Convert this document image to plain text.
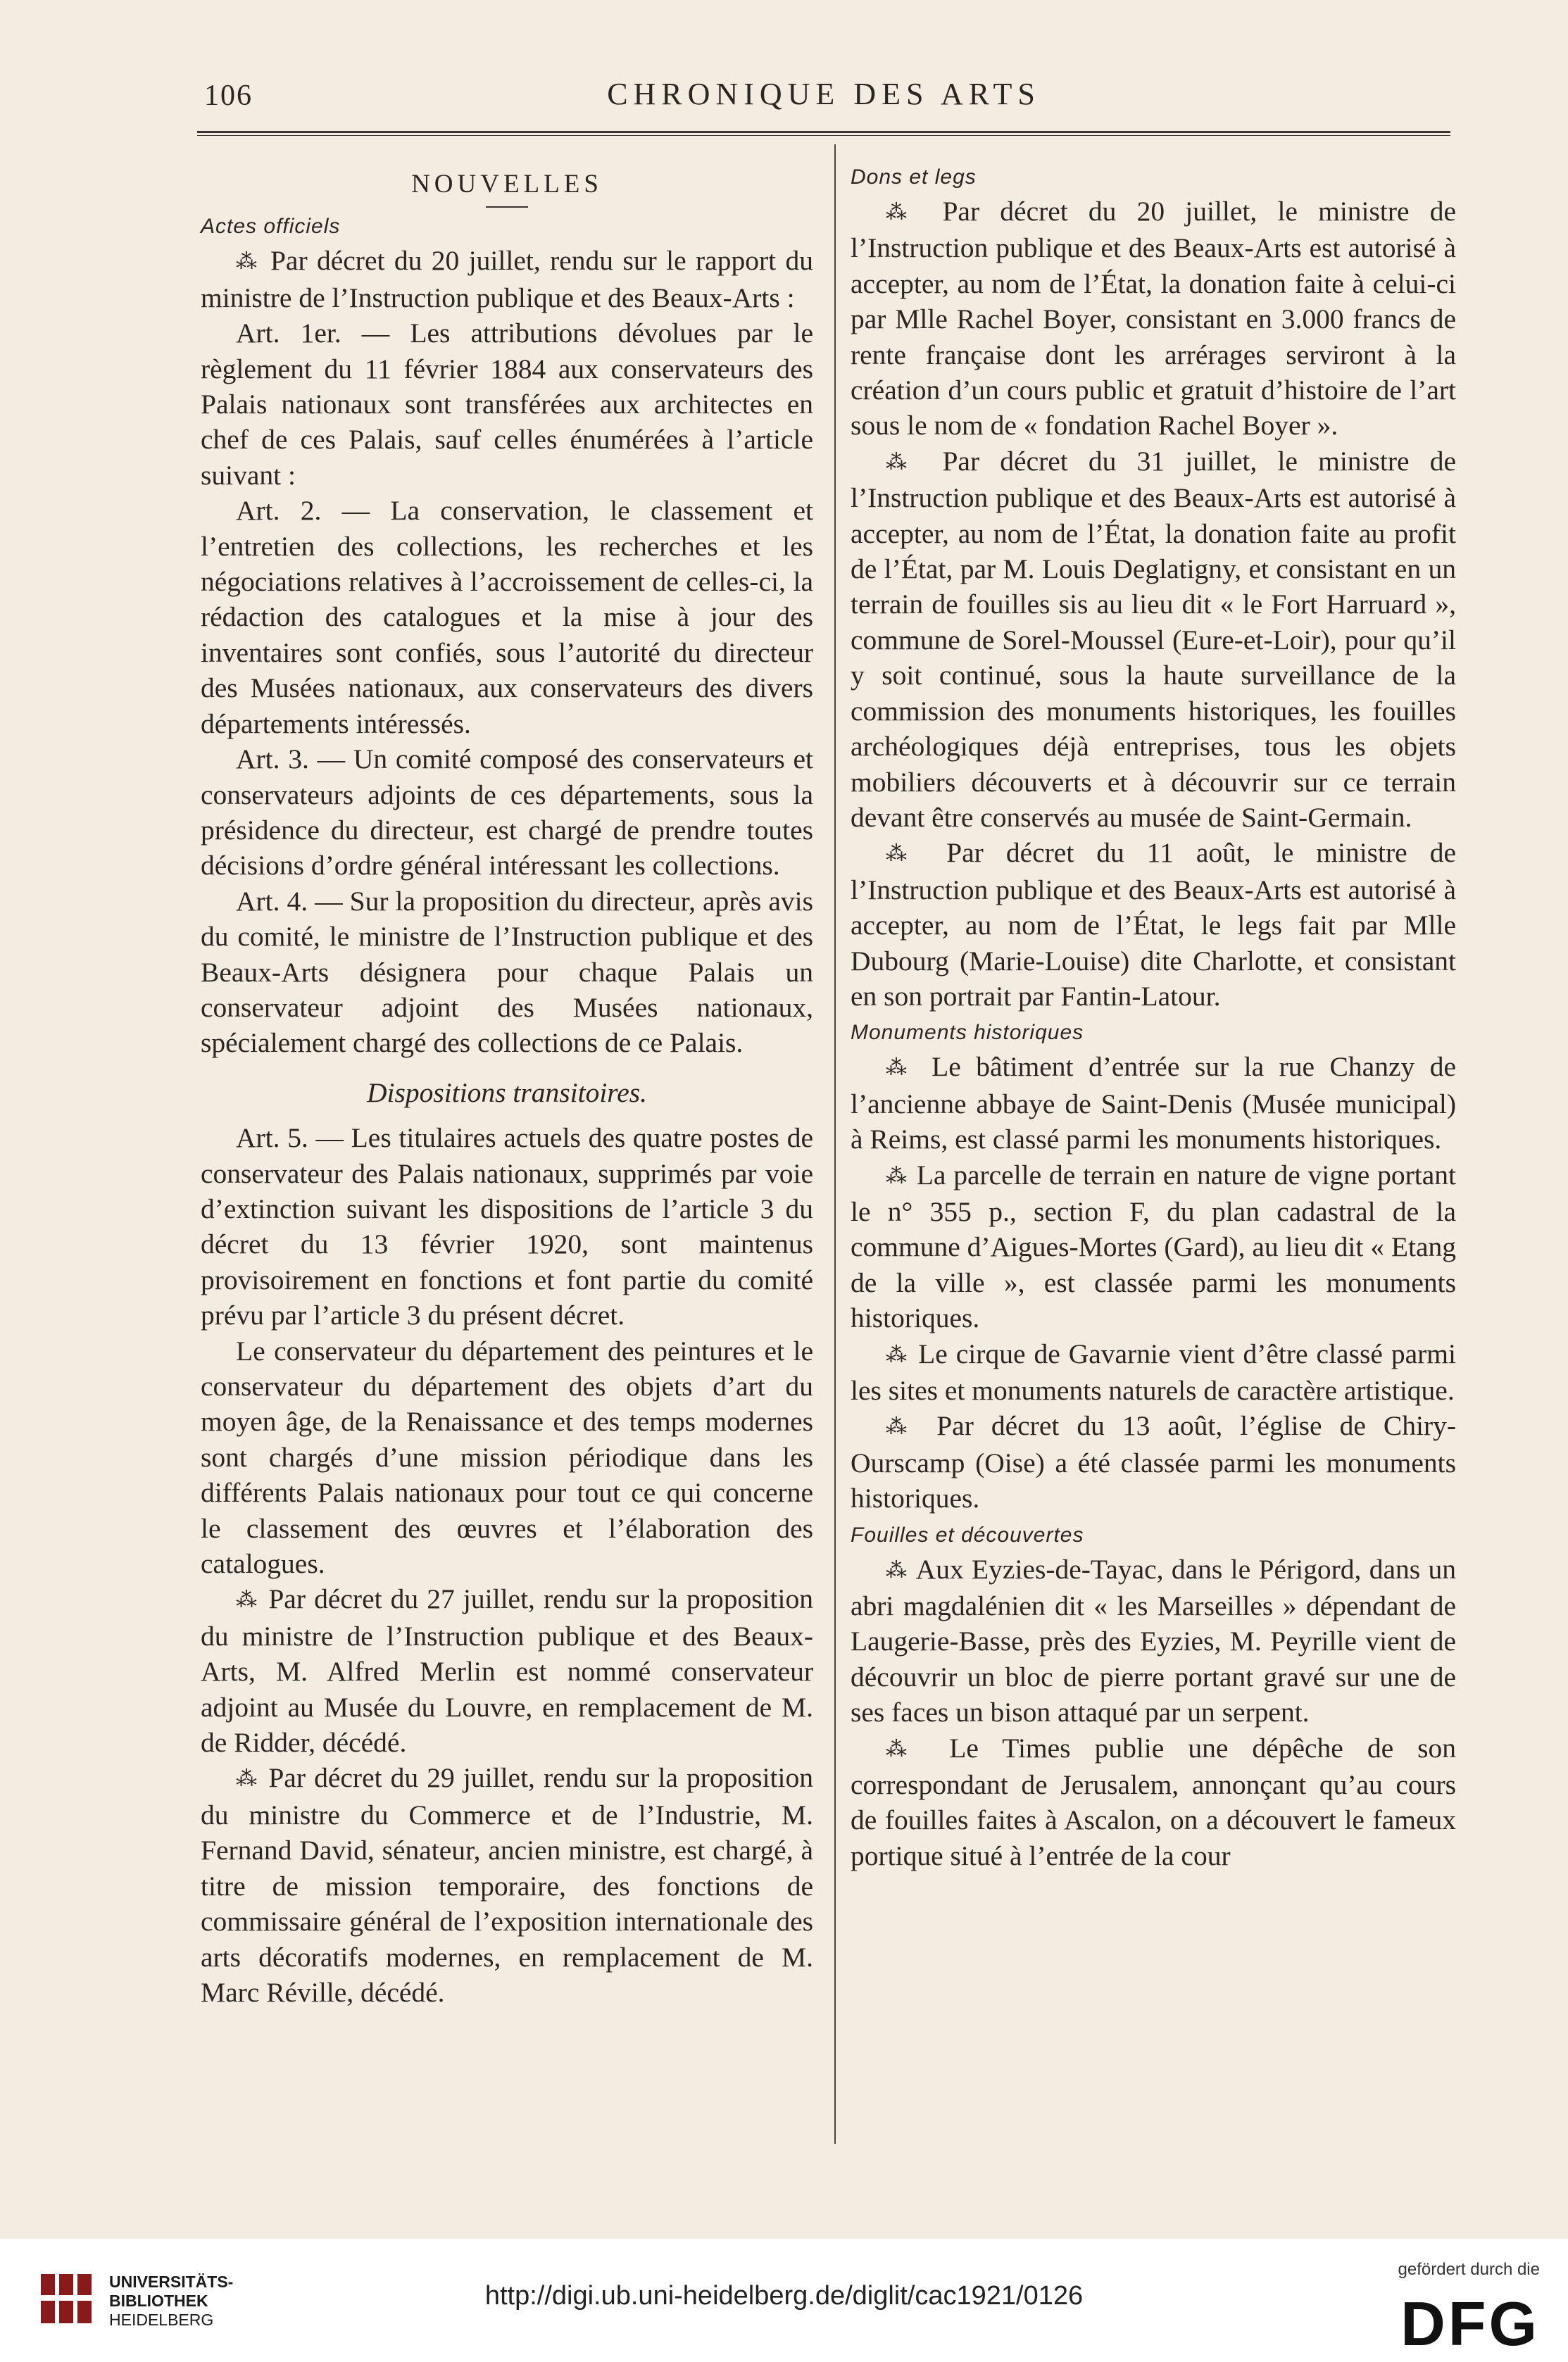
106	CHRONIQUE DES ARTS

NOUVELLES

Actes officiels

⁂ Par décret du 20 juillet, rendu sur le rapport du ministre de l’Instruction publique et des Beaux-Arts :

Art. 1er. — Les attributions dévolues par le règlement du 11 février 1884 aux conservateurs des Palais nationaux sont transférées aux architectes en chef de ces Palais, sauf celles énumérées à l’article suivant :

Art. 2. — La conservation, le classement et l’entretien des collections, les recherches et les négociations relatives à l’accroissement de celles-ci, la rédaction des catalogues et la mise à jour des inventaires sont confiés, sous l’autorité du directeur des Musées nationaux, aux conservateurs des divers départements intéressés.

Art. 3. — Un comité composé des conservateurs et conservateurs adjoints de ces départements, sous la présidence du directeur, est chargé de prendre toutes décisions d’ordre général intéressant les collections.

Art. 4. — Sur la proposition du directeur, après avis du comité, le ministre de l’Instruction publique et des Beaux-Arts désignera pour chaque Palais un conservateur adjoint des Musées nationaux, spécialement chargé des collections de ce Palais.

Dispositions transitoires.

Art. 5. — Les titulaires actuels des quatre postes de conservateur des Palais nationaux, supprimés par voie d’extinction suivant les dispositions de l’article 3 du décret du 13 février 1920, sont maintenus provisoirement en fonctions et font partie du comité prévu par l’article 3 du présent décret.

Le conservateur du département des peintures et le conservateur du département des objets d’art du moyen âge, de la Renaissance et des temps modernes sont chargés d’une mission périodique dans les différents Palais nationaux pour tout ce qui concerne le classement des œuvres et l’élaboration des catalogues.

⁂ Par décret du 27 juillet, rendu sur la proposition du ministre de l’Instruction publique et des Beaux-Arts, M. Alfred Merlin est nommé conservateur adjoint au Musée du Louvre, en remplacement de M. de Ridder, décédé.

⁂ Par décret du 29 juillet, rendu sur la proposition du ministre du Commerce et de l’Industrie, M. Fernand David, sénateur, ancien ministre, est chargé, à titre de mission temporaire, des fonctions de commissaire général de l’exposition internationale des arts décoratifs modernes, en remplacement de M. Marc Réville, décédé.

Dons et legs

⁂ Par décret du 20 juillet, le ministre de l’Instruction publique et des Beaux-Arts est autorisé à accepter, au nom de l’État, la donation faite à celui-ci par Mlle Rachel Boyer, consistant en 3.000 francs de rente française dont les arrérages serviront à la création d’un cours public et gratuit d’histoire de l’art sous le nom de « fondation Rachel Boyer ».

⁂ Par décret du 31 juillet, le ministre de l’Instruction publique et des Beaux-Arts est autorisé à accepter, au nom de l’État, la donation faite au profit de l’État, par M. Louis Deglatigny, et consistant en un terrain de fouilles sis au lieu dit « le Fort Harruard », commune de Sorel-Moussel (Eure-et-Loir), pour qu’il y soit continué, sous la haute surveillance de la commission des monuments historiques, les fouilles archéologiques déjà entreprises, tous les objets mobiliers découverts et à découvrir sur ce terrain devant être conservés au musée de Saint-Germain.

⁂ Par décret du 11 août, le ministre de l’Instruction publique et des Beaux-Arts est autorisé à accepter, au nom de l’État, le legs fait par Mlle Dubourg (Marie-Louise) dite Charlotte, et consistant en son portrait par Fantin-Latour.

Monuments historiques

⁂ Le bâtiment d’entrée sur la rue Chanzy de l’ancienne abbaye de Saint-Denis (Musée municipal) à Reims, est classé parmi les monuments historiques.

⁂ La parcelle de terrain en nature de vigne portant le n° 355 p., section F, du plan cadastral de la commune d’Aigues-Mortes (Gard), au lieu dit « Etang de la ville », est classée parmi les monuments historiques.

⁂ Le cirque de Gavarnie vient d’être classé parmi les sites et monuments naturels de caractère artistique.

⁂ Par décret du 13 août, l’église de Chiry-Ourscamp (Oise) a été classée parmi les monuments historiques.

Fouilles et découvertes

⁂ Aux Eyzies-de-Tayac, dans le Périgord, dans un abri magdalénien dit « les Marseilles » dépendant de Laugerie-Basse, près des Eyzies, M. Peyrille vient de découvrir un bloc de pierre portant gravé sur une de ses faces un bison attaqué par un serpent.

⁂ Le Times publie une dépêche de son correspondant de Jerusalem, annonçant qu’au cours de fouilles faites à Ascalon, on a découvert le fameux portique situé à l’entrée de la cour

UNIVERSITÄTS-
BIBLIOTHEK
HEIDELBERG
http://digi.ub.uni-heidelberg.de/diglit/cac1921/0126
gefördert durch die
DFG
